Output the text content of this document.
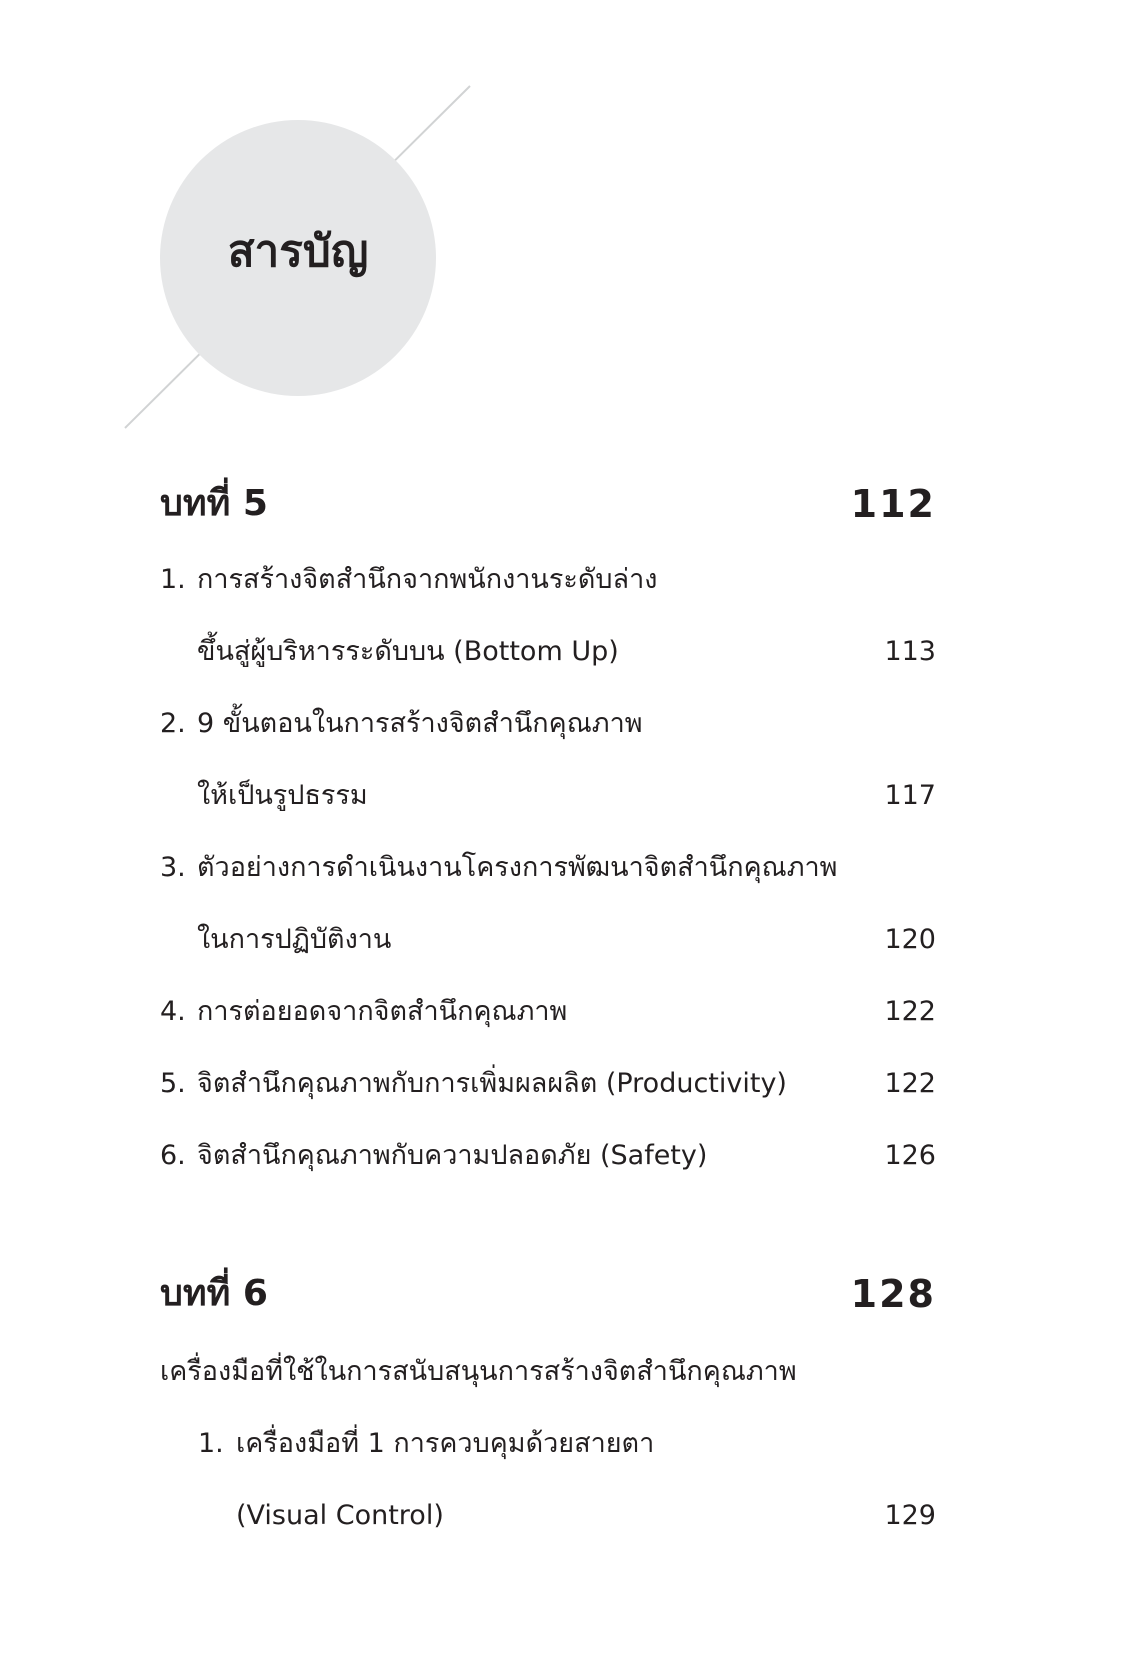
สารบัญ
บทที่ 5	112
1. การสร้างจิตสำนึกจากพนักงานระดับล่าง
ขึ้นสู่ผู้บริหารระดับบน (Bottom Up)	113
2. 9 ขั้นตอนในการสร้างจิตสำนึกคุณภาพ
ให้เป็นรูปธรรม	117
3. ตัวอย่างการดำเนินงานโครงการพัฒนาจิตสำนึกคุณภาพ
ในการปฏิบัติงาน	120
4. การต่อยอดจากจิตสำนึกคุณภาพ	122
5. จิตสำนึกคุณภาพกับการเพิ่มผลผลิต (Productivity)	122
6. จิตสำนึกคุณภาพกับความปลอดภัย (Safety)	126
บทที่ 6	128
เครื่องมือที่ใช้ในการสนับสนุนการสร้างจิตสำนึกคุณภาพ
1. เครื่องมือที่ 1 การควบคุมด้วยสายตา
(Visual Control)	129
